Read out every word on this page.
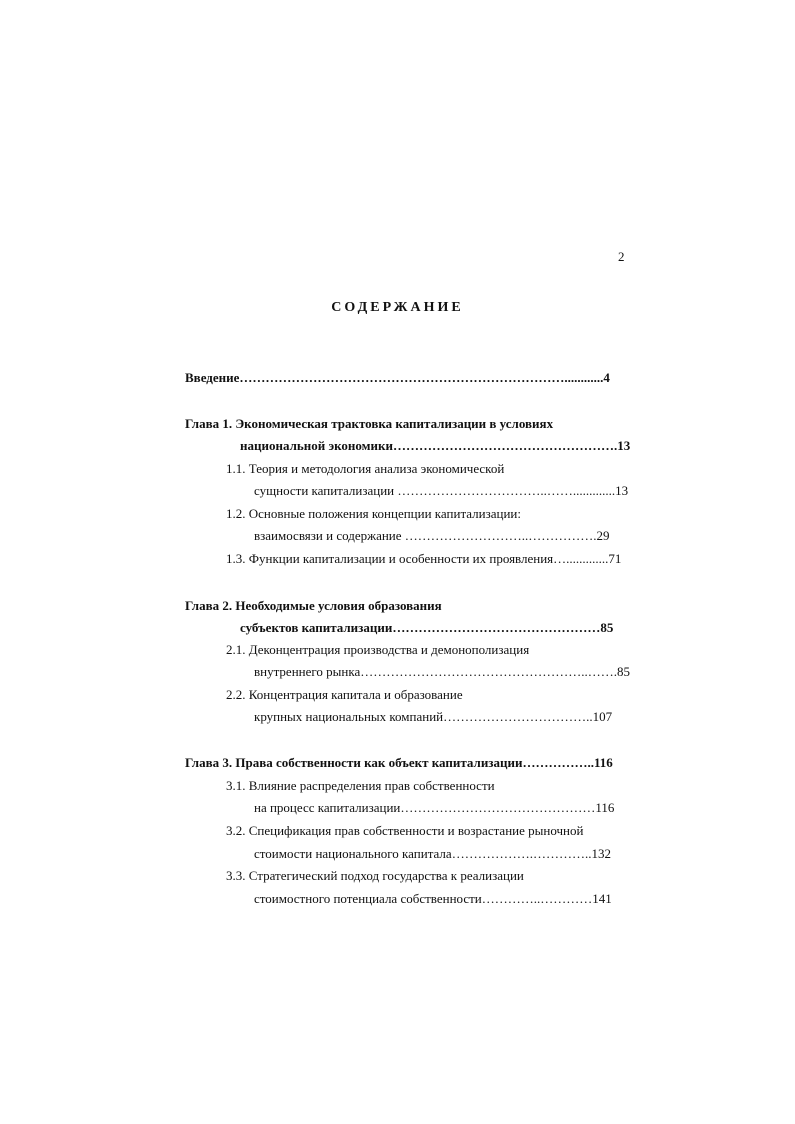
2
СОДЕРЖАНИЕ
Введение…………………………………………………………………............4
Глава 1. Экономическая трактовка капитализации в условиях
национальной экономики…………………………………………….13
1.1. Теория и методология анализа экономической
сущности капитализации ……………………………..…….............13
1.2. Основные положения концепции капитализации:
взаимосвязи и содержание ………………………..…………….29
1.3. Функции капитализации и особенности их проявления….............71
Глава 2. Необходимые условия образования
субъектов капитализации…………………………………………85
2.1. Деконцентрация производства и демонополизация
внутреннего рынка……………………………………………..…….85
2.2. Концентрация капитала и образование
крупных национальных компаний……………………………..107
Глава 3. Права собственности как объект капитализации……………..116
3.1. Влияние распределения прав собственности
на процесс капитализации………………………………………116
3.2. Спецификация прав собственности и возрастание рыночной
стоимости национального капитала……………….…………..132
3.3. Стратегический подход государства к реализации
стоимостного потенциала собственности…………..…………141
